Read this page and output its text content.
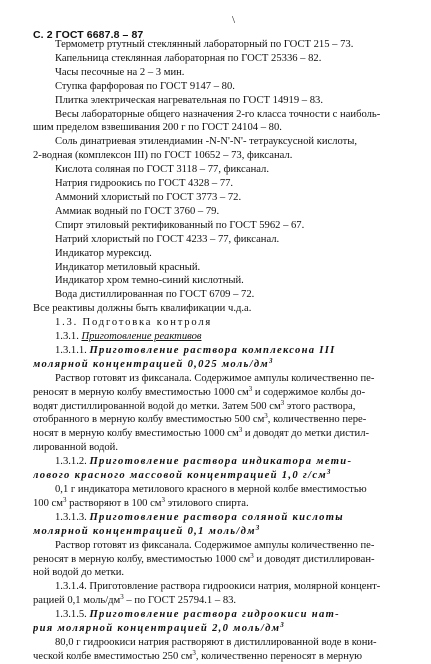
\
С. 2 ГОСТ 6687.8 – 87
Термометр ртутный стеклянный лабораторный по ГОСТ 215 – 73.
Капельница стеклянная лабораторная по ГОСТ 25336 – 82.
Часы песочные на 2 – 3 мин.
Ступка фарфоровая по ГОСТ 9147 – 80.
Плитка электрическая нагревательная по ГОСТ 14919 – 83.
Весы лабораторные общего назначения 2-го класса точности с наиболь-
шим пределом взвешивания 200 г по ГОСТ 24104 – 80.
Соль динатриевая этилендиамин -N-N'-N'- тетрауксусной кислоты,
2-водная (комплексон III) по ГОСТ 10652 – 73, фиксанал.
Кислота соляная по ГОСТ 3118 – 77, фиксанал.
Натрия гидроокись по ГОСТ 4328 – 77.
Аммоний хлористый по ГОСТ 3773 – 72.
Аммиак водный по ГОСТ 3760 – 79.
Спирт этиловый ректификованный по ГОСТ 5962 – 67.
Натрий хлористый по ГОСТ 4233 – 77, фиксанал.
Индикатор мурексид.
Индикатор метиловый красный.
Индикатор хром темно-синий кислотный.
Вода дистиллированная по ГОСТ 6709 – 72.
Все реактивы должны быть квалификации ч.д.а.
1.3. Подготовка контроля
1.3.1. Приготовление реактивов
1.3.1.1. Приготовление раствора комплексона III
молярной концентрацией 0,025 моль/$дм^3$
Раствор готовят из фиксанала. Содержимое ампулы количественно пе-
реносят в мерную колбу вместимостью 1000 $см^3$ и содержимое колбы до-
водят дистиллированной водой до метки. Затем 500 $см^3$ этого раствора,
отобранного в мерную колбу вместимостью 500 $см^3$, количественно пере-
носят в мерную колбу вместимостью 1000 $см^3$ и доводят до метки дистил-
лированной водой.
1.3.1.2. Приготовление раствора индикатора мети-
лового красного массовой концентрацией 1,0 $г/см^3$
0,1 г индикатора метилового красного в мерной колбе вместимостью
100 $см^3$ растворяют в 100 $см^3$ этилового спирта.
1.3.1.3. Приготовление раствора соляной кислоты
молярной концентрацией 0,1 моль/$дм^3$
Раствор готовят из фиксанала. Содержимое ампулы количественно пе-
реносят в мерную колбу, вместимостью 1000 $см^3$ и доводят дистиллирован-
ной водой до метки.
1.3.1.4. Приготовление раствора гидроокиси натрия, молярной концент-
рацией 0,1 моль/$дм^3$ – по ГОСТ 25794.1 – 83.
1.3.1.5. Приготовление раствора гидроокиси нат-
рия молярной концентрацией 2,0 моль/$дм^3$
80,0 г гидроокиси натрия растворяют в дистиллированной воде в кони-
ческой колбе вместимостью 250 $см^3$, количественно переносят в мерную
